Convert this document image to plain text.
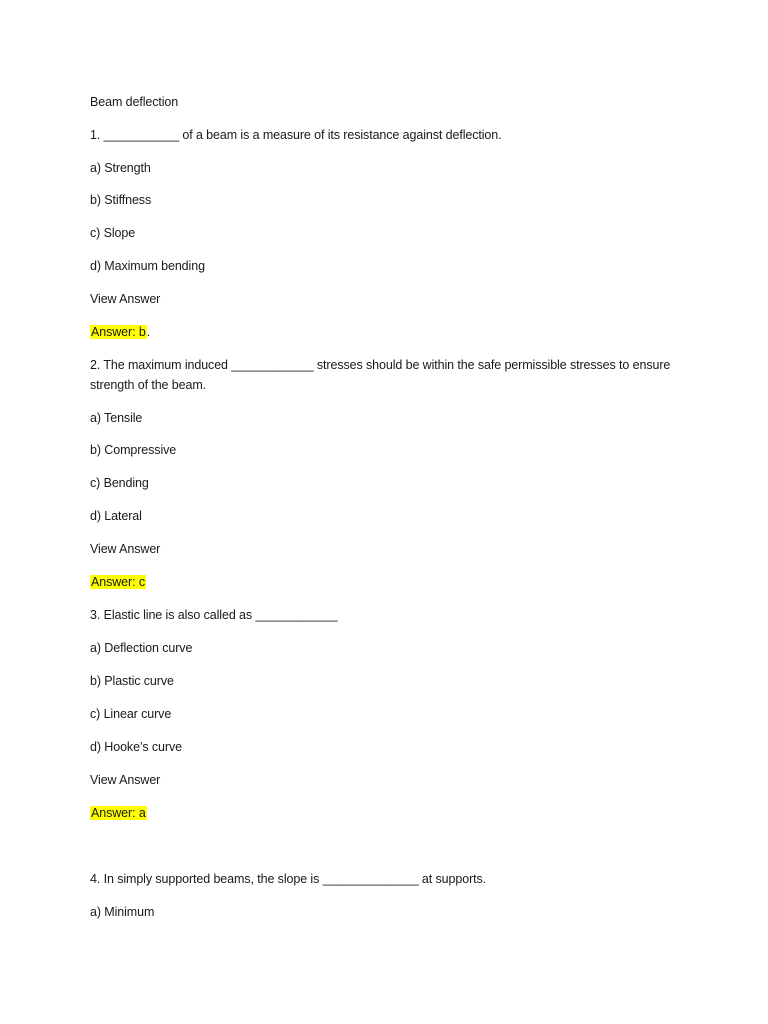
Beam deflection
1. ___________ of a beam is a measure of its resistance against deflection.
a) Strength
b) Stiffness
c) Slope
d) Maximum bending
View Answer
Answer: b.
2. The maximum induced ____________ stresses should be within the safe permissible stresses to ensure strength of the beam.
a) Tensile
b) Compressive
c) Bending
d) Lateral
View Answer
Answer: c
3. Elastic line is also called as ____________
a) Deflection curve
b) Plastic curve
c) Linear curve
d) Hooke’s curve
View Answer
Answer: a
4. In simply supported beams, the slope is ______________ at supports.
a) Minimum
